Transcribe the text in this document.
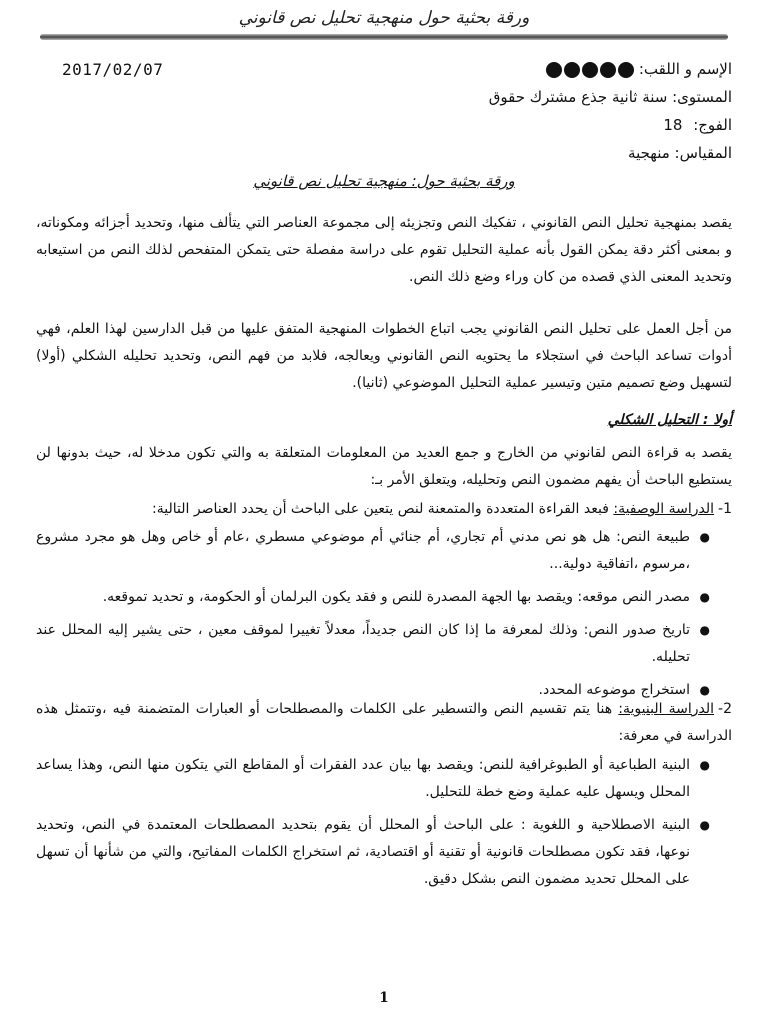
ورقة بحثية حول منهجية تحليل نص قانوني
2017/02/07	الإسم و اللقب:
المستوى: سنة ثانية جذع مشترك حقوق
الفوج: 18
المقياس: منهجية
ورقة بحثية حول: منهجية تحليل نص قانوني
يقصد بمنهجية تحليل النص القانوني ، تفكيك النص وتجزيئه إلى مجموعة العناصر التي يتألف منها، وتحديد أجزائه ومكوناته، و بمعنى أكثر دقة يمكن القول بأنه عملية التحليل تقوم على دراسة مفصلة حتى يتمكن المتفحص لذلك النص من استيعابه وتحديد المعنى الذي قصده من كان وراء وضع ذلك النص.
من أجل العمل على تحليل النص القانوني يجب اتباع الخطوات المنهجية المتفق عليها من قبل الدارسين لهذا العلم، فهي أدوات تساعد الباحث في استجلاء ما يحتويه النص القانوني ويعالجه، فلابد من فهم النص، وتحديد تحليله الشكلي (أولا) لتسهيل وضع تصميم متين وتيسير عملية التحليل الموضوعي (ثانيا).
أولا : التحليل الشكلي
يقصد به قراءة النص لقانوني من الخارج و جمع العديد من المعلومات المتعلقة به والتي تكون مدخلا له، حيث بدونها لن يستطيع الباحث أن يفهم مضمون النص وتحليله، ويتعلق الأمر بـ:
1-الدراسة الوصفية: فبعد القراءة المتعددة والمتمعنة لنص يتعين على الباحث أن يحدد العناصر التالية:
●
طبيعة النص: هل هو نص مدني أم تجاري، أم جنائي أم موضوعي مسطري ،عام أو خاص وهل هو مجرد مشروع ،مرسوم ،اتفاقية دولية...
●
مصدر النص موقعه: ويقصد بها الجهة المصدرة للنص و فقد يكون البرلمان أو الحكومة، و تحديد تموقعه.
●
تاريخ صدور النص: وذلك لمعرفة ما إذا كان النص جديداً، معدلاً تغييرا لموقف معين ، حتى يشير إليه المحلل عند تحليله.
●
استخراج موضوعه المحدد.
2-الدراسة البنيوية: هنا يتم تقسيم النص والتسطير على الكلمات والمصطلحات أو العبارات المتضمنة فيه ،وتتمثل هذه الدراسة في معرفة:
●
البنية الطباعية أو الطبوغرافية للنص: ويقصد بها بيان عدد الفقرات أو المقاطع التي يتكون منها النص، وهذا يساعد المحلل ويسهل عليه عملية وضع خطة للتحليل.
●
البنية الاصطلاحية و اللغوية : على الباحث أو المحلل أن يقوم بتحديد المصطلحات المعتمدة في النص، وتحديد نوعها، فقد تكون مصطلحات قانونية أو تقنية أو اقتصادية، ثم استخراج الكلمات المفاتيح، والتي من شأنها أن تسهل على المحلل تحديد مضمون النص بشكل دقيق.
1
